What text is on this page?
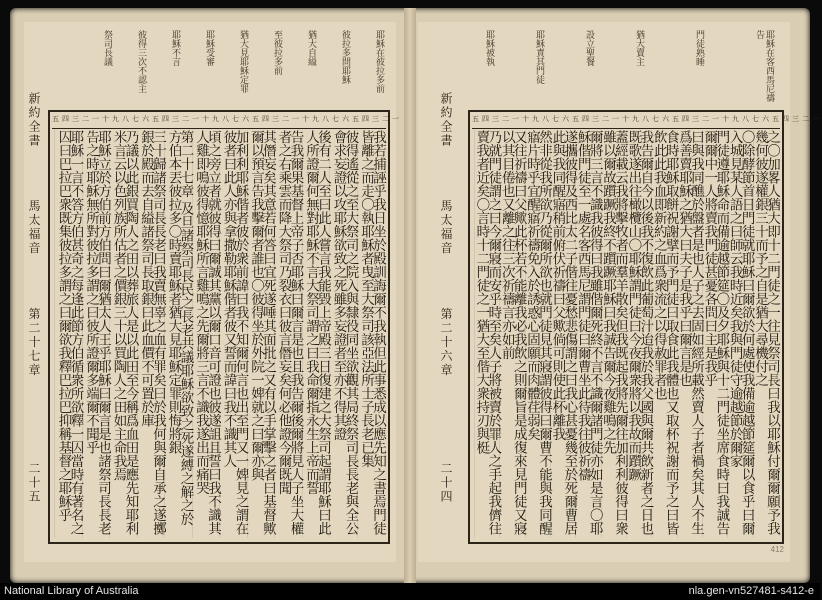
耶穌在彼拉多前
彼拉多問耶穌
猶大自縊
至彼拉多前
猶大見耶穌定罪
耶穌受審
耶穌不言
彼得三次不認主
祭司長議
新約全書  馬太福音  第二十七章
二十五
五四三二一十九八七六五四三二一十九八七六五四三二一十九八七六五四三二一
我若捕誣乎我日坐於殿訓誨爾不我執但此事悉成以應先知之書焉門徒皆離之而走〇執耶穌者曳至大祭司該亞法所士子長老已集
彼得遙從之至大祭司之院入與隸役同坐欲觀其局終祭司長長老與全公會求妄證以攻耶穌欲致之死雖多妄證者至亦不得其證
後有二人至曰此人嘗言我能毀上帝殿三日復建之大祭司起謂耶穌曰此人所證爾何無對耶穌不言大祭司謂之曰我命爾指永生上帝而誓
告我爾果基督上帝子否耶穌曰爾言是也且我告爾後爾將見人子坐大權者之右乘雲而降大祭司乃裂衣曰彼言僭妄矣何必他證今爾既聞
其僭妄矣其意若何答曰宜死遂唾其面批之又有以手掌擊之者曰基督歟爾以預言告我擊爾者誰也〇彼得坐於外院一婢就之曰爾亦與
加利利耶穌偕者彼於衆前諱曰我不知爾何言也出至門又一婢見之謂在彼者曰此人亦與拿撒勒耶穌偕者彼又誓而諱曰我不識其人
頃之旁立者就彼得曰爾誠其黨以爾口音可證也彼遂詛且誓曰我不識其人雞即鳴彼得憶耶穌所言雞鳴之先爾將三言不識我遂出而痛哭
第二十七章 及旦諸祭司長民之長老共議耶穌欲致之死遂縛之解之於方伯本丟彼拉多〇時賣耶穌者猶大見耶穌定罪則悔將銀
三十歸諸祭司長長老曰我賣無辜之血有罪矣曰於我何與爾自承之遂擲銀於殿而去自縊諸祭司長取銀曰此血價不可置於庫
乃議以此銀買陶人之田以葬旅人是以此田至今稱爲血田是應先知耶利米言云以色列族所估者之價銀三十以買陶人之田如主命我焉
耶穌立於方伯前方伯問曰爾猶太人王乎耶穌曰爾言是也諸祭司長長老告之時耶穌無所對彼拉多謂之曰彼所證爾多端爾不聞乎
耶穌一言不答方伯甚奇之每逢此節方伯循衆所欲釋一囚當時有著名之囚曰巴拉巴衆既集彼拉多謂之曰爾欲我釋巴拉巴抑稱基督之耶穌乎
耶穌在客西馬尼禱告
門徒熟睡
猶大賣主
設立聖餐
耶穌責其門徒
耶穌被執
新約全書  馬太福音  第二十六章
二十四
五四三二一十九八七六五四三二一十九八七六五四三二一十九八七六五四三二一
之〇加畧人猶大即十二門徒之一往見祭司長曰我以耶穌付爾爾願予我幾何彼遂權銀三十而予之自是猶大尋機付之
〇除酵節首日門徒就耶穌曰爾欲於何處使我備逾越節筵爾以食乎曰爾入城見某人語之曰師云我時近矣我與門徒守逾越節於爾家
門徒遵耶穌命而備逾越節筵〇及夕耶穌與十二門徒坐席食時曰我誠告爾爾中一人將賣我門徒甚憂各問曰主是我乎
曰與我同醮於盤者是也人子之去固如經所載然賣人子者禍矣其人不生爲善賣耶穌之猶大曰夫子是我乎曰爾言是也
食時耶穌取餅祝謝擘而予門徒曰取食此我體也又取杯祝謝而予之曰皆飲此此我血即新約之血爲衆流之以得赦罪者也
我告爾自今以後我不復飲此葡萄汁迨我於我父國與爾共飲新者之日也既歌遂出往橄欖山〇耶穌謂門徒曰今夜爾衆將以我故而躓蹶
蓋經載云我將擊牧者而羣羊散矣但我既起我將先爾往加利利彼得曰衆雖以爾故躓蹶我終不躓蹶耶穌曰我誠告爾今夜雞鳴之先
爾將三言不識我彼得曰我雖偕爾死終不言不識爾諸門徒亦如是言〇耶穌偕門徒至一處名客西馬尼謂門徒曰爾曹坐此待我往彼祈禱
遂攜彼得及西比太二子偕往憂愁悲傷謂之曰我心甚憂幾至於死爾曹居此與我同醒寤稍前俯伏祈禱曰父歟倘可則使此杯離我
然非從我所欲乃從爾所欲也就門徒見其寢謂彼得曰爾曹不能與我同醒寤片時乎宜醒寤祈禱免入於誘惑心固願而肉體荏弱矣
又往祈禱曰父歟此杯若不能離我必我飲之則爾旨是成復來見門徒又寢以其目倦也又離之往三次祈禱言亦如前
乃就門徒謂之曰今爾寢而安乎時至矣人子將被賣於罪人之手起我儕往賣我者近矣〇言時十二門徒之一猶大至偕大衆持刃與梃
412
National Library of Australia	nla.gen-vn527481-s412-e
